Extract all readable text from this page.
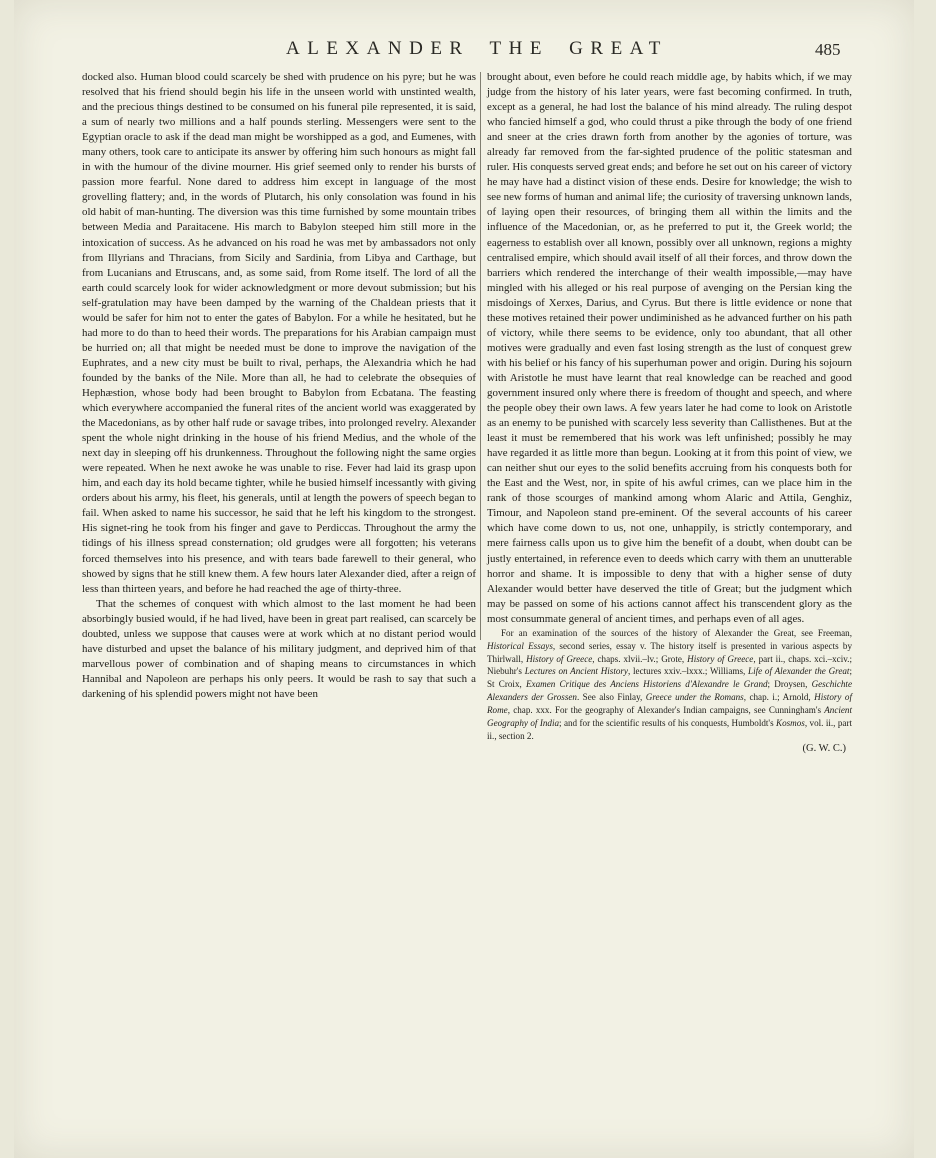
ALEXANDER THE GREAT	485

docked also. Human blood could scarcely be shed with prudence on his pyre; but he was resolved that his friend should begin his life in the unseen world with unstinted wealth, and the precious things destined to be consumed on his funeral pile represented, it is said, a sum of nearly two millions and a half pounds sterling. Messengers were sent to the Egyptian oracle to ask if the dead man might be worshipped as a god, and Eumenes, with many others, took care to anticipate its answer by offering him such honours as might fall in with the humour of the divine mourner. His grief seemed only to render his bursts of passion more fearful. None dared to address him except in language of the most grovelling flattery; and, in the words of Plutarch, his only consolation was found in his old habit of man-hunting. The diversion was this time furnished by some mountain tribes between Media and Paraitacene. His march to Babylon steeped him still more in the intoxication of success. As he advanced on his road he was met by ambassadors not only from Illyrians and Thracians, from Sicily and Sardinia, from Libya and Carthage, but from Lucanians and Etruscans, and, as some said, from Rome itself. The lord of all the earth could scarcely look for wider acknowledgment or more devout submission; but his self-gratulation may have been damped by the warning of the Chaldean priests that it would be safer for him not to enter the gates of Babylon. For a while he hesitated, but he had more to do than to heed their words. The preparations for his Arabian campaign must be hurried on; all that might be needed must be done to improve the navigation of the Euphrates, and a new city must be built to rival, perhaps, the Alexandria which he had founded by the banks of the Nile. More than all, he had to celebrate the obsequies of Hephæstion, whose body had been brought to Babylon from Ecbatana. The feasting which everywhere accompanied the funeral rites of the ancient world was exaggerated by the Macedonians, as by other half rude or savage tribes, into prolonged revelry. Alexander spent the whole night drinking in the house of his friend Medius, and the whole of the next day in sleeping off his drunkenness. Throughout the following night the same orgies were repeated. When he next awoke he was unable to rise. Fever had laid its grasp upon him, and each day its hold became tighter, while he busied himself incessantly with giving orders about his army, his fleet, his generals, until at length the powers of speech began to fail. When asked to name his successor, he said that he left his kingdom to the strongest. His signet-ring he took from his finger and gave to Perdiccas. Throughout the army the tidings of his illness spread consternation; old grudges were all forgotten; his veterans forced themselves into his presence, and with tears bade farewell to their general, who showed by signs that he still knew them. A few hours later Alexander died, after a reign of less than thirteen years, and before he had reached the age of thirty-three.

That the schemes of conquest with which almost to the last moment he had been absorbingly busied would, if he had lived, have been in great part realised, can scarcely be doubted, unless we suppose that causes were at work which at no distant period would have disturbed and upset the balance of his military judgment, and deprived him of that marvellous power of combination and of shaping means to circumstances in which Hannibal and Napoleon are perhaps his only peers. It would be rash to say that such a darkening of his splendid powers might not have been

brought about, even before he could reach middle age, by habits which, if we may judge from the history of his later years, were fast becoming confirmed. In truth, except as a general, he had lost the balance of his mind already. The ruling despot who fancied himself a god, who could thrust a pike through the body of one friend and sneer at the cries drawn forth from another by the agonies of torture, was already far removed from the far-sighted prudence of the politic statesman and ruler. His conquests served great ends; and before he set out on his career of victory he may have had a distinct vision of these ends. Desire for knowledge; the wish to see new forms of human and animal life; the curiosity of traversing unknown lands, of laying open their resources, of bringing them all within the limits and the influence of the Macedonian, or, as he preferred to put it, the Greek world; the eagerness to establish over all known, possibly over all unknown, regions a mighty centralised empire, which should avail itself of all their forces, and throw down the barriers which rendered the interchange of their wealth impossible,—may have mingled with his alleged or his real purpose of avenging on the Persian king the misdoings of Xerxes, Darius, and Cyrus. But there is little evidence or none that these motives retained their power undiminished as he advanced further on his path of victory, while there seems to be evidence, only too abundant, that all other motives were gradually and even fast losing strength as the lust of conquest grew with his belief or his fancy of his superhuman power and origin. During his sojourn with Aristotle he must have learnt that real knowledge can be reached and good government insured only where there is freedom of thought and speech, and where the people obey their own laws. A few years later he had come to look on Aristotle as an enemy to be punished with scarcely less severity than Callisthenes. But at the least it must be remembered that his work was left unfinished; possibly he may have regarded it as little more than begun. Looking at it from this point of view, we can neither shut our eyes to the solid benefits accruing from his conquests both for the East and the West, nor, in spite of his awful crimes, can we place him in the rank of those scourges of mankind among whom Alaric and Attila, Genghiz, Timour, and Napoleon stand pre-eminent. Of the several accounts of his career which have come down to us, not one, unhappily, is strictly contemporary, and mere fairness calls upon us to give him the benefit of a doubt, when doubt can be justly entertained, in reference even to deeds which carry with them an unutterable horror and shame. It is impossible to deny that with a higher sense of duty Alexander would better have deserved the title of Great; but the judgment which may be passed on some of his actions cannot affect his transcendent glory as the most consummate general of ancient times, and perhaps even of all ages.

For an examination of the sources of the history of Alexander the Great, see Freeman, Historical Essays, second series, essay v. The history itself is presented in various aspects by Thirlwall, History of Greece, chaps. xlvii.–lv.; Grote, History of Greece, part ii., chaps. xci.–xciv.; Niebuhr's Lectures on Ancient History, lectures xxiv.–lxxx.; Williams, Life of Alexander the Great; St Croix, Examen Critique des Anciens Historiens d'Alexandre le Grand; Droysen, Geschichte Alexanders der Grossen. See also Finlay, Greece under the Romans, chap. i.; Arnold, History of Rome, chap. xxx. For the geography of Alexander's Indian campaigns, see Cunningham's Ancient Geography of India; and for the scientific results of his conquests, Humboldt's Kosmos, vol. ii., part ii., section 2.

(G. W. C.)
